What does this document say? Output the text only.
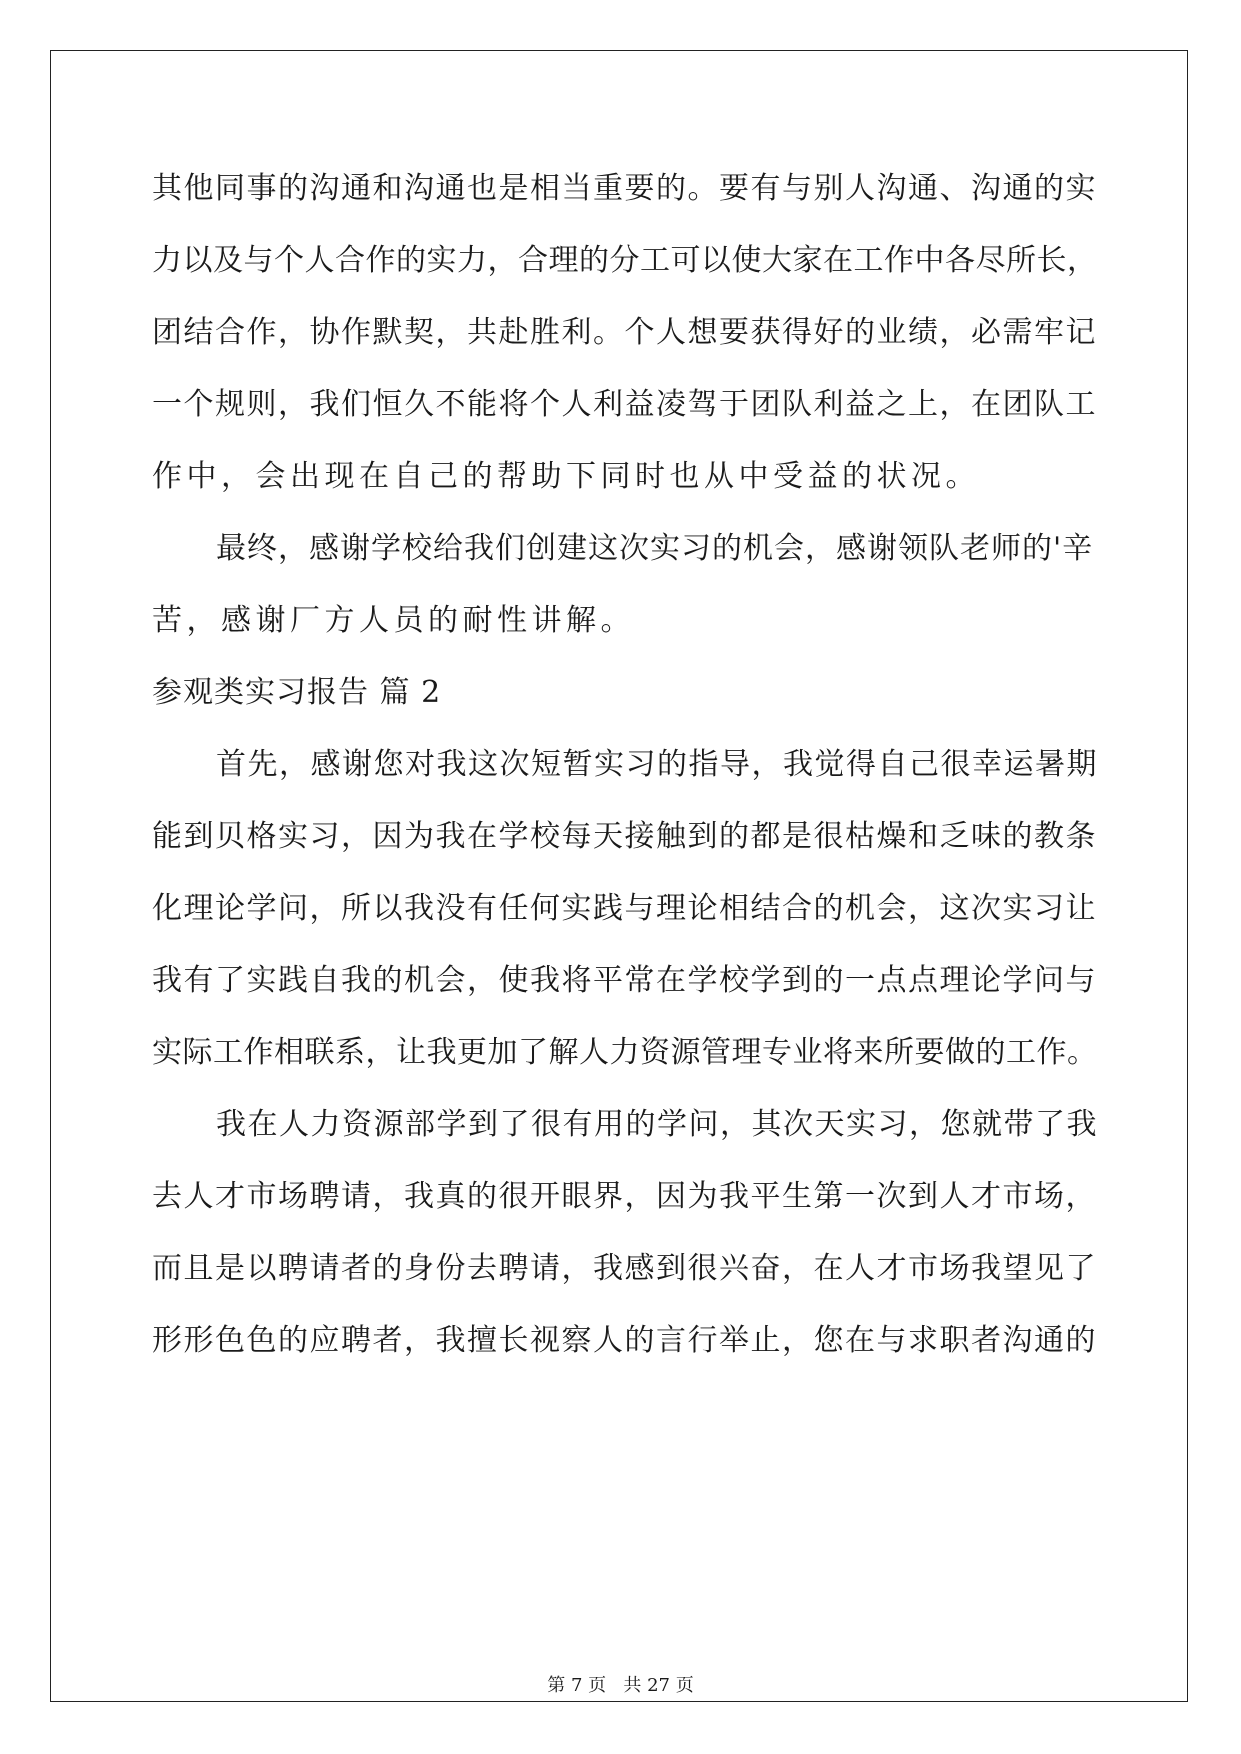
其他同事的沟通和沟通也是相当重要的。要有与别人沟通、沟通的实
力以及与个人合作的实力，合理的分工可以使大家在工作中各尽所长，
团结合作，协作默契，共赴胜利。个人想要获得好的业绩，必需牢记
一个规则，我们恒久不能将个人利益凌驾于团队利益之上，在团队工
作中，会出现在自己的帮助下同时也从中受益的状况。
最终，感谢学校给我们创建这次实习的机会，感谢领队老师的'辛
苦，感谢厂方人员的耐性讲解。
参观类实习报告 篇 2
首先，感谢您对我这次短暂实习的指导，我觉得自己很幸运暑期
能到贝格实习，因为我在学校每天接触到的都是很枯燥和乏味的教条
化理论学问，所以我没有任何实践与理论相结合的机会，这次实习让
我有了实践自我的机会，使我将平常在学校学到的一点点理论学问与
实际工作相联系，让我更加了解人力资源管理专业将来所要做的工作。
我在人力资源部学到了很有用的学问，其次天实习，您就带了我
去人才市场聘请，我真的很开眼界，因为我平生第一次到人才市场，
而且是以聘请者的身份去聘请，我感到很兴奋，在人才市场我望见了
形形色色的应聘者，我擅长视察人的言行举止，您在与求职者沟通的
第 7 页   共 27 页
